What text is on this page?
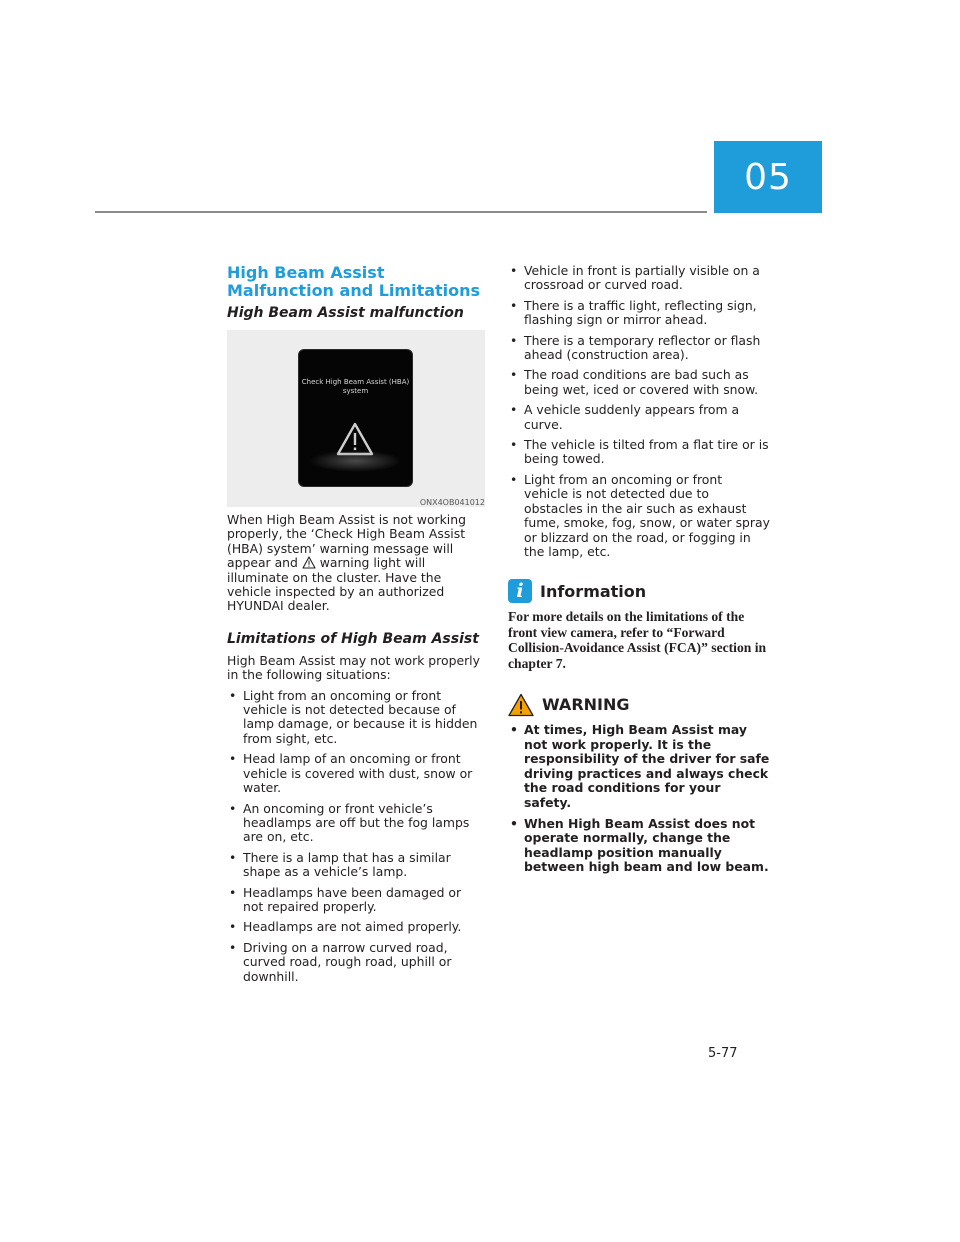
05
High Beam Assist Malfunction and Limitations
High Beam Assist malfunction
Check High Beam Assist (HBA) system
ONX4OB041012

When High Beam Assist is not working properly, the ‘Check High Beam Assist (HBA) system’ warning message will appear and warning light will illuminate on the cluster. Have the vehicle inspected by an authorized HYUNDAI dealer.

Limitations of High Beam Assist

High Beam Assist may not work properly in the following situations:

• Light from an oncoming or front vehicle is not detected because of lamp damage, or because it is hidden from sight, etc.
• Head lamp of an oncoming or front vehicle is covered with dust, snow or water.
• An oncoming or front vehicle’s headlamps are off but the fog lamps are on, etc.
• There is a lamp that has a similar shape as a vehicle’s lamp.
• Headlamps have been damaged or not repaired properly.
• Headlamps are not aimed properly.
• Driving on a narrow curved road, curved road, rough road, uphill or downhill.
• Vehicle in front is partially visible on a crossroad or curved road.
• There is a traffic light, reflecting sign, flashing sign or mirror ahead.
• There is a temporary reflector or flash ahead (construction area).
• The road conditions are bad such as being wet, iced or covered with snow.
• A vehicle suddenly appears from a curve.
• The vehicle is tilted from a flat tire or is being towed.
• Light from an oncoming or front vehicle is not detected due to obstacles in the air such as exhaust fume, smoke, fog, snow, or water spray or blizzard on the road, or fogging in the lamp, etc.
i	Information

For more details on the limitations of the front view camera, refer to “Forward Collision-Avoidance Assist (FCA)” section in chapter 7.

WARNING
• At times, High Beam Assist may not work properly. It is the responsibility of the driver for safe driving practices and always check the road conditions for your safety.
• When High Beam Assist does not operate normally, change the headlamp position manually between high beam and low beam.
5-77
